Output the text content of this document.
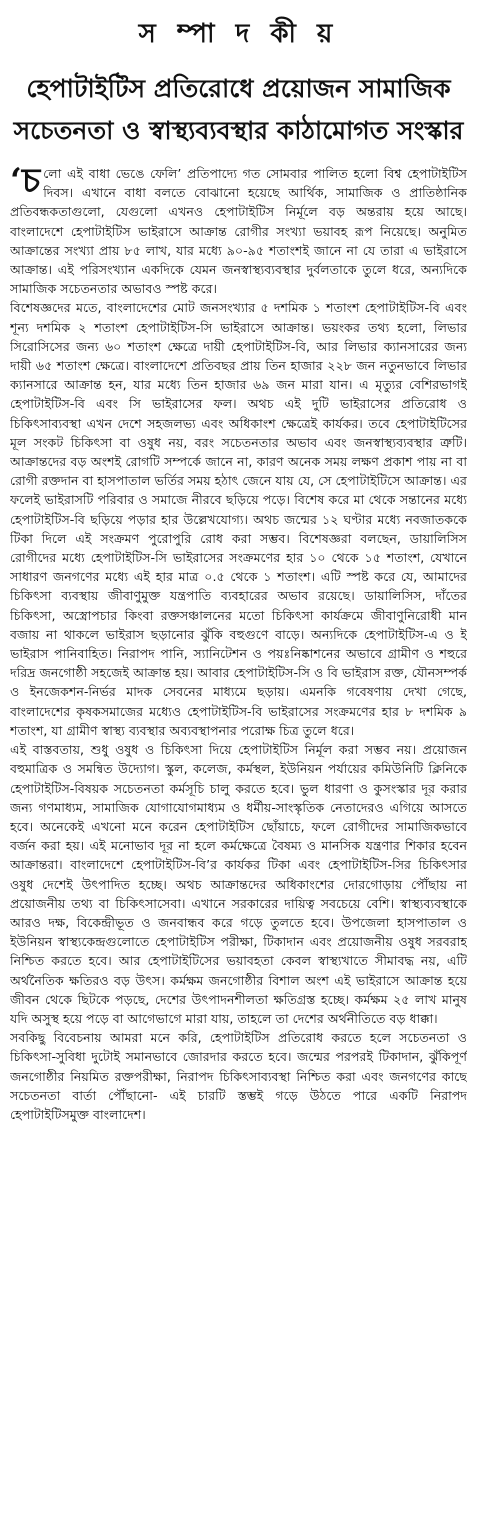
স ম্পা দ কী য়
হেপাটাইটিস প্রতিরোধে প্রয়োজন সামাজিক
সচেতনতা ও স্বাস্থ্যব্যবস্থার কাঠামোগত সংস্কার

‘চলো এই বাধা ভেঙে ফেলি’ প্রতিপাদ্যে গত সোমবার পালিত হলো বিশ্ব হেপাটাইটিস দিবস। এখানে বাধা বলতে বোঝানো হয়েছে আর্থিক, সামাজিক ও প্রাতিষ্ঠানিক প্রতিবন্ধকতাগুলো, যেগুলো এখনও হেপাটাইটিস নির্মূলে বড় অন্তরায় হয়ে আছে। বাংলাদেশে হেপাটাইটিস ভাইরাসে আক্রান্ত রোগীর সংখ্যা ভয়াবহ রূপ নিয়েছে। অনুমিত আক্রান্তের সংখ্যা প্রায় ৮৫ লাখ, যার মধ্যে ৯০-৯৫ শতাংশই জানে না যে তারা এ ভাইরাসে আক্রান্ত। এই পরিসংখ্যান একদিকে যেমন জনস্বাস্থ্যব্যবস্থার দুর্বলতাকে তুলে ধরে, অন্যদিকে সামাজিক সচেতনতার অভাবও স্পষ্ট করে।

বিশেষজ্ঞদের মতে, বাংলাদেশের মোট জনসংখ্যার ৫ দশমিক ১ শতাংশ হেপাটাইটিস-বি এবং শূন্য দশমিক ২ শতাংশ হেপাটাইটিস-সি ভাইরাসে আক্রান্ত। ভয়ংকর তথ্য হলো, লিভার সিরোসিসের জন্য ৬০ শতাংশ ক্ষেত্রে দায়ী হেপাটাইটিস-বি, আর লিভার ক্যানসারের জন্য দায়ী ৬৫ শতাংশ ক্ষেত্রে। বাংলাদেশে প্রতিবছর প্রায় তিন হাজার ২২৮ জন নতুনভাবে লিভার ক্যানসারে আক্রান্ত হন, যার মধ্যে তিন হাজার ৬৯ জন মারা যান। এ মৃত্যুর বেশিরভাগই হেপাটাইটিস-বি এবং সি ভাইরাসের ফল। অথচ এই দুটি ভাইরাসের প্রতিরোধ ও চিকিৎসাব্যবস্থা এখন দেশে সহজলভ্য এবং অধিকাংশ ক্ষেত্রেই কার্যকর। তবে হেপাটাইটিসের মূল সংকট চিকিৎসা বা ওষুধ নয়, বরং সচেতনতার অভাব এবং জনস্বাস্থ্যব্যবস্থার ত্রুটি। আক্রান্তদের বড় অংশই রোগটি সম্পর্কে জানে না, কারণ অনেক সময় লক্ষণ প্রকাশ পায় না বা রোগী রক্তদান বা হাসপাতাল ভর্তির সময় হঠাৎ জেনে যায় যে, সে হেপাটাইটিসে আক্রান্ত। এর ফলেই ভাইরাসটি পরিবার ও সমাজে নীরবে ছড়িয়ে পড়ে। বিশেষ করে মা থেকে সন্তানের মধ্যে হেপাটাইটিস-বি ছড়িয়ে পড়ার হার উল্লেখযোগ্য। অথচ জন্মের ১২ ঘণ্টার মধ্যে নবজাতককে টিকা দিলে এই সংক্রমণ পুরোপুরি রোধ করা সম্ভব। বিশেষজ্ঞরা বলছেন, ডায়ালিসিস রোগীদের মধ্যে হেপাটাইটিস-সি ভাইরাসের সংক্রমণের হার ১০ থেকে ১৫ শতাংশ, যেখানে সাধারণ জনগণের মধ্যে এই হার মাত্র ০.৫ থেকে ১ শতাংশ। এটি স্পষ্ট করে যে, আমাদের চিকিৎসা ব্যবস্থায় জীবাণুমুক্ত যন্ত্রপাতি ব্যবহারের অভাব রয়েছে। ডায়ালিসিস, দাঁতের চিকিৎসা, অস্ত্রোপচার কিংবা রক্তসঞ্চালনের মতো চিকিৎসা কার্যক্রমে জীবাণুনিরোধী মান বজায় না থাকলে ভাইরাস ছড়ানোর ঝুঁকি বহুগুণে বাড়ে। অন্যদিকে হেপাটাইটিস-এ ও ই ভাইরাস পানিবাহিত। নিরাপদ পানি, স্যানিটেশন ও পয়ঃনিষ্কাশনের অভাবে গ্রামীণ ও শহুরে দরিদ্র জনগোষ্ঠী সহজেই আক্রান্ত হয়। আবার হেপাটাইটিস-সি ও বি ভাইরাস রক্ত, যৌনসম্পর্ক ও ইনজেকশন-নির্ভর মাদক সেবনের মাধ্যমে ছড়ায়। এমনকি গবেষণায় দেখা গেছে, বাংলাদেশের কৃষকসমাজের মধ্যেও হেপাটাইটিস-বি ভাইরাসের সংক্রমণের হার ৮ দশমিক ৯ শতাংশ, যা গ্রামীণ স্বাস্থ্য ব্যবস্থার অব্যবস্থাপনার পরোক্ষ চিত্র তুলে ধরে।

এই বাস্তবতায়, শুধু ওষুধ ও চিকিৎসা দিয়ে হেপাটাইটিস নির্মূল করা সম্ভব নয়। প্রয়োজন বহুমাত্রিক ও সমন্বিত উদ্যোগ। স্কুল, কলেজ, কর্মস্থল, ইউনিয়ন পর্যায়ের কমিউনিটি ক্লিনিকে হেপাটাইটিস-বিষয়ক সচেতনতা কর্মসূচি চালু করতে হবে। ভুল ধারণা ও কুসংস্কার দূর করার জন্য গণমাধ্যম, সামাজিক যোগাযোগমাধ্যম ও ধর্মীয়-সাংস্কৃতিক নেতাদেরও এগিয়ে আসতে হবে। অনেকেই এখনো মনে করেন হেপাটাইটিস ছোঁয়াচে, ফলে রোগীদের সামাজিকভাবে বর্জন করা হয়। এই মনোভাব দূর না হলে কর্মক্ষেত্রে বৈষম্য ও মানসিক যন্ত্রণার শিকার হবেন আক্রান্তরা। বাংলাদেশে হেপাটাইটিস-বি’র কার্যকর টিকা এবং হেপাটাইটিস-সির চিকিৎসার ওষুধ দেশেই উৎপাদিত হচ্ছে। অথচ আক্রান্তদের অধিকাংশের দোরগোড়ায় পৌঁছায় না প্রয়োজনীয় তথ্য বা চিকিৎসাসেবা। এখানে সরকারের দায়িত্ব সবচেয়ে বেশি। স্বাস্থ্যব্যবস্থাকে আরও দক্ষ, বিকেন্দ্রীভূত ও জনবান্ধব করে গড়ে তুলতে হবে। উপজেলা হাসপাতাল ও ইউনিয়ন স্বাস্থ্যকেন্দ্রগুলোতে হেপাটাইটিস পরীক্ষা, টিকাদান এবং প্রয়োজনীয় ওষুধ সরবরাহ নিশ্চিত করতে হবে। আর হেপাটাইটিসের ভয়াবহতা কেবল স্বাস্থ্যখাতে সীমাবদ্ধ নয়, এটি অর্থনৈতিক ক্ষতিরও বড় উৎস। কর্মক্ষম জনগোষ্ঠীর বিশাল অংশ এই ভাইরাসে আক্রান্ত হয়ে জীবন থেকে ছিটকে পড়ছে, দেশের উৎপাদনশীলতা ক্ষতিগ্রস্ত হচ্ছে। কর্মক্ষম ২৫ লাখ মানুষ যদি অসুস্থ হয়ে পড়ে বা আগেভাগে মারা যায়, তাহলে তা দেশের অর্থনীতিতে বড় ধাক্কা।

সবকিছু বিবেচনায় আমরা মনে করি, হেপাটাইটিস প্রতিরোধ করতে হলে সচেতনতা ও চিকিৎসা-সুবিধা দুটোই সমানভাবে জোরদার করতে হবে। জন্মের পরপরই টিকাদান, ঝুঁকিপূর্ণ জনগোষ্ঠীর নিয়মিত রক্তপরীক্ষা, নিরাপদ চিকিৎসাব্যবস্থা নিশ্চিত করা এবং জনগণের কাছে সচেতনতা বার্তা পৌঁছানো- এই চারটি স্তম্ভই গড়ে উঠতে পারে একটি নিরাপদ হেপাটাইটিসমুক্ত বাংলাদেশ।
